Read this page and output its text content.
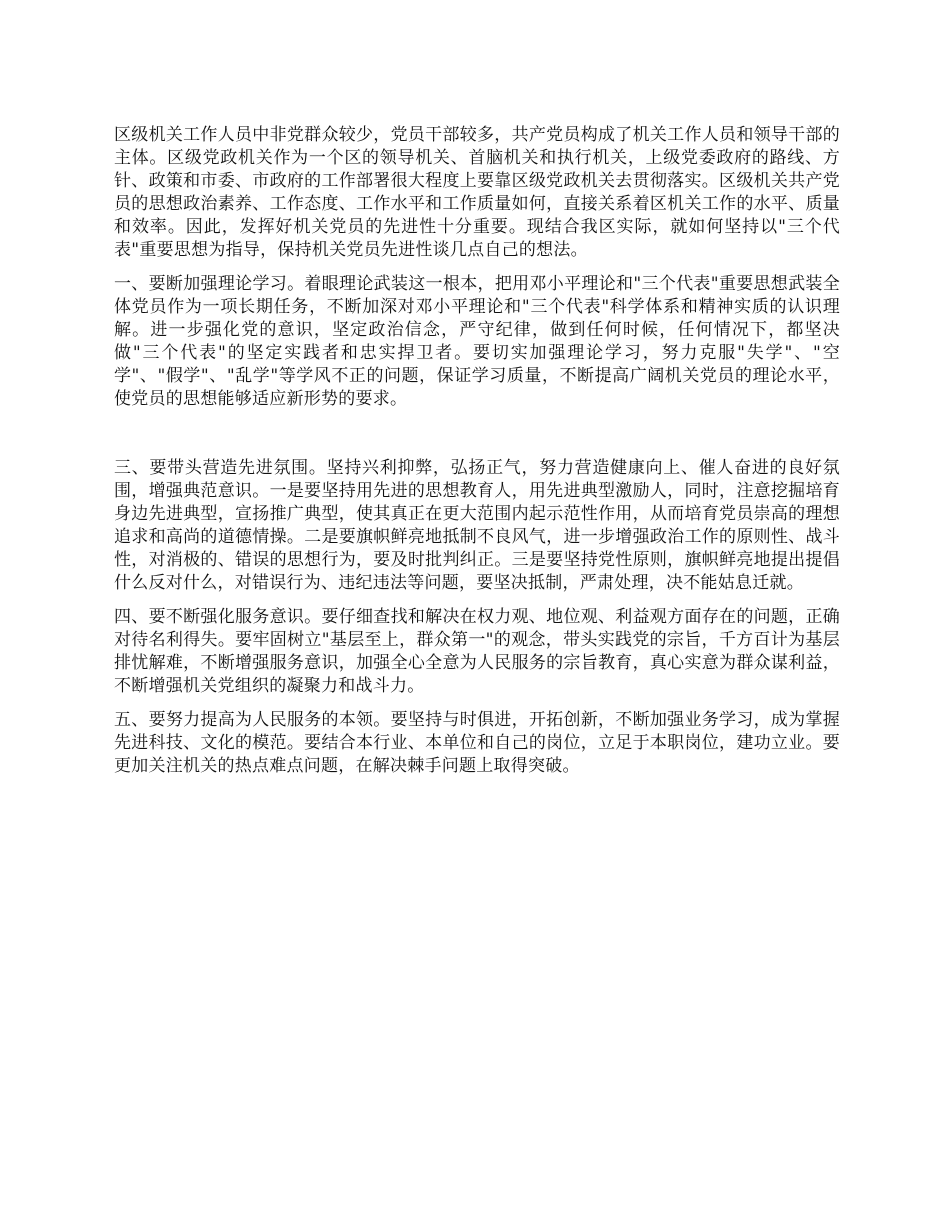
区级机关工作人员中非党群众较少，党员干部较多，共产党员构成了机关工作人员和领导干部的主体。区级党政机关作为一个区的领导机关、首脑机关和执行机关，上级党委政府的路线、方针、政策和市委、市政府的工作部署很大程度上要靠区级党政机关去贯彻落实。区级机关共产党员的思想政治素养、工作态度、工作水平和工作质量如何，直接关系着区机关工作的水平、质量和效率。因此，发挥好机关党员的先进性十分重要。现结合我区实际，就如何坚持以"三个代表"重要思想为指导，保持机关党员先进性谈几点自己的想法。

一、要断加强理论学习。着眼理论武装这一根本，把用邓小平理论和"三个代表"重要思想武装全体党员作为一项长期任务，不断加深对邓小平理论和"三个代表"科学体系和精神实质的认识理解。进一步强化党的意识，坚定政治信念，严守纪律，做到任何时候，任何情况下，都坚决做"三个代表"的坚定实践者和忠实捍卫者。要切实加强理论学习，努力克服"失学"、"空学"、"假学"、"乱学"等学风不正的问题，保证学习质量，不断提高广阔机关党员的理论水平，使党员的思想能够适应新形势的要求。

三、要带头营造先进氛围。坚持兴利抑弊，弘扬正气，努力营造健康向上、催人奋进的良好氛围，增强典范意识。一是要坚持用先进的思想教育人，用先进典型激励人，同时，注意挖掘培育身边先进典型，宣扬推广典型，使其真正在更大范围内起示范性作用，从而培育党员崇高的理想追求和高尚的道德情操。二是要旗帜鲜亮地抵制不良风气，进一步增强政治工作的原则性、战斗性，对消极的、错误的思想行为，要及时批判纠正。三是要坚持党性原则，旗帜鲜亮地提出提倡什么反对什么，对错误行为、违纪违法等问题，要坚决抵制，严肃处理，决不能姑息迁就。

四、要不断强化服务意识。要仔细查找和解决在权力观、地位观、利益观方面存在的问题，正确对待名利得失。要牢固树立"基层至上，群众第一"的观念，带头实践党的宗旨，千方百计为基层排忧解难，不断增强服务意识，加强全心全意为人民服务的宗旨教育，真心实意为群众谋利益，不断增强机关党组织的凝聚力和战斗力。

五、要努力提高为人民服务的本领。要坚持与时俱进，开拓创新，不断加强业务学习，成为掌握先进科技、文化的模范。要结合本行业、本单位和自己的岗位，立足于本职岗位，建功立业。要更加关注机关的热点难点问题，在解决棘手问题上取得突破。
